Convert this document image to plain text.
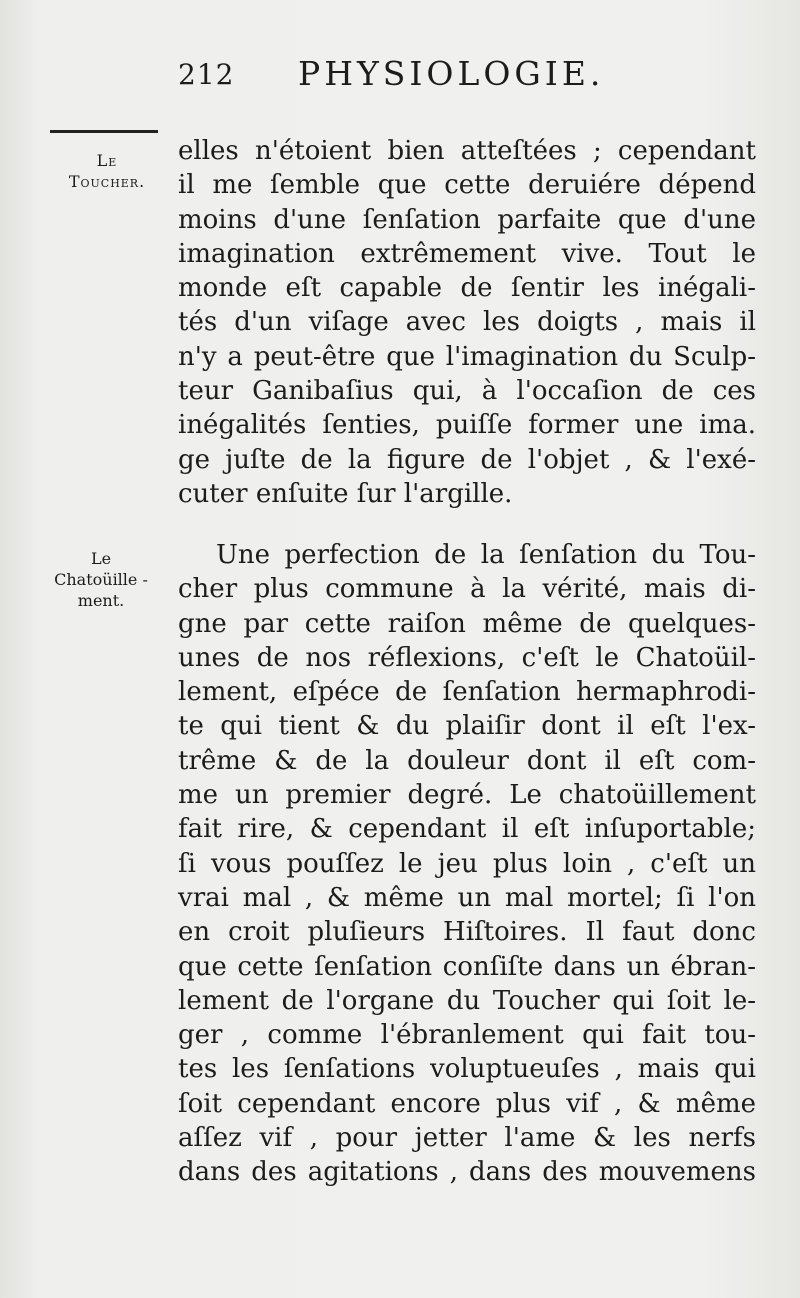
212 PHYSIOLOGIE.
Le
Toucher.
Le
Chatoüille -
ment.
elles n'étoient bien atteſtées ; cependant
il me ſemble que cette deruiére dépend
moins d'une ſenſation parfaite que d'une
imagination extrêmement vive. Tout le
monde eſt capable de ſentir les inégali-
tés d'un viſage avec les doigts , mais il
n'y a peut-être que l'imagination du Sculp-
teur Ganibaſius qui, à l'occaſion de ces
inégalités ſenties, puiſſe former une ima.
ge juſte de la figure de l'objet , & l'exé-
cuter enſuite ſur l'argille.
Une perfection de la ſenſation du Tou-
cher plus commune à la vérité, mais di-
gne par cette raiſon même de quelques-
unes de nos réflexions, c'eſt le Chatoüil-
lement, eſpéce de ſenſation hermaphrodi-
te qui tient & du plaiſir dont il eſt l'ex-
trême & de la douleur dont il eſt com-
me un premier degré. Le chatoüillement
fait rire, & cependant il eſt inſuportable;
ſi vous pouſſez le jeu plus loin , c'eſt un
vrai mal , & même un mal mortel; ſi l'on
en croit pluſieurs Hiſtoires. Il faut donc
que cette ſenſation conſiſte dans un ébran-
lement de l'organe du Toucher qui ſoit le-
ger , comme l'ébranlement qui fait tou-
tes les ſenſations voluptueuſes , mais qui
ſoit cependant encore plus vif , & même
aſſez vif , pour jetter l'ame & les nerfs
dans des agitations , dans des mouvemens
